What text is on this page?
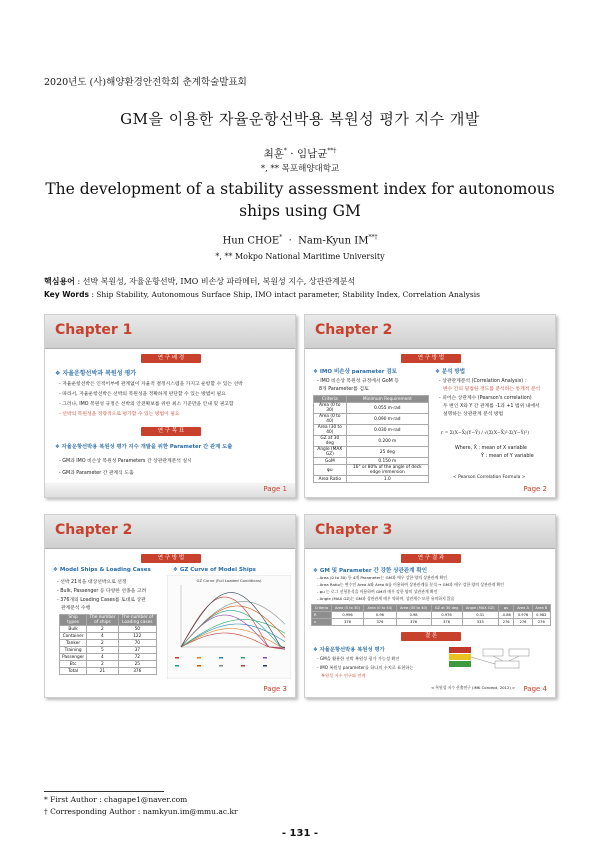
2020년도 (사)해양환경안전학회 춘계학술발표회
GM을 이용한 자율운항선박용 복원성 평가 지수 개발
최훈* · 임남균**†
*, ** 목포해양대학교
The development of a stability assessment index for autonomous ships using GM
Hun CHOE*  ·  Nam-Kyun IM**†
*, ** Mokpo National Maritime University
핵심용어 : 선박 복원성, 자율운항선박, IMO 비손상 파라메터, 복원성 지수, 상관관계분석
Key Words : Ship Stability, Autonomous Surface Ship, IMO intact parameter, Stability Index, Correlation Analysis
Chapter 1
연 구 배 경
❖ 자율운항선박과 복원성 평가
- 자율운항선박은 인적어부에 관계없이 자율적 결정시스템을 가지고 운항할 수 있는 선박
- 따라서, 자율운항선박은 선박의 복원성을 정확하게 판단할 수 있는 방법이 필요
- 그러나, IMO 복원성 규정은 선박의 안전확보를 위한 최소 기준만을 안내 및 권고함
- 선박의 복원성을 정량적으로 평가할 수 있는 방법이 필요
연 구 목 표
❖ 자율운항선박용 복원성 평가 지수 개발을 위한 Parameter 간 관계 도출
- GM과 IMO 비손상 복원성 Parameters 간 상관관계분석 실시
- GM과 Parameter 간 관계식 도출
Page 1
Chapter 2
연 구 방 법
❖ IMO 비손상 parameter 검토
- IMO 비손상 복원성 규정에서 GoM 등
8개 Parameter를 검토
Criteria	Minimum Requirement
Area (0 to 30)	0.055 m·rad
Area (0 to 40)	0.090 m·rad
Area (30 to 40)	0.030 m·rad
GZ at 30 deg	0.200 m
Angle (MAX GZ)	25 deg
GoM	0.150 m
φu	16° or 80% of the angle of deck edge immersion
Area Ratio	1.0
❖ 분석 방법
- 상관관계분석 (Correlation Analysis) :
변수 간의 밀접한 정도를 분석하는 통계적 분석
- 피어슨 상관계수 (Pearson's correlation)
두 변인 X와 Y 간 관계를 -1과 +1 범위 내에서
설명하는 상관관계 분석 방법
r = Σ(X−X̄)(Y−Ȳ) / √(Σ(X−X̄)²·Σ(Y−Ȳ)²)
Where, X̄ : mean of X variable
Ȳ : mean of Y variable
< Pearson Correlation Formula >
Page 2
Chapter 2
연 구 방 법
❖ Model Ships & Loading Cases
- 선박 21척을 대상선박으로 선정
- Bulk, Passenger 등 다양한 선종을 고려
- 376개의 Loading Cases를 토대로 상관
관계분석 수행
Ship types	The number of ships	The number of Loading cases
Bulk	2	50
Container	4	122
Tanker	2	70
Training	5	37
Passenger	4	72
Etc	2	25
Total	21	376
❖ GZ Curve of Model Ships
GZ Curve (Full Loaded Conditions)
Page 3
Chapter 3
연 구 결 과
❖ GM 및 Parameter 간 강한 상관관계 확인
- Area (0 to 30) 등 4개 Parameter는 GM과 매우 강한 양의 상관관계 확인
- Area Ratio는 변수인 Area A와 Area B를 이용하여 상관관계를 분석 → GM과 매우 강한 양의 상관관계 확인
- φu 는 로그 선형분석을 이용하여 GM과 매우 강한 양의 상관관계 확인
- Angle (MAX GZ)는 GM과 상관관계 매우 약하며, 상관계수 또한 유의하지 않음
Criteria	Area (0 to 30)	Area (0 to 40)	Area (30 to 40)	GZ at 30 deg	Angle (MAX GZ)	φu	Area A	Area B
R	0.996	0.96	0.98	0.976	0.31	-0.86	0.976	0.982
n	376	376	376	376	333	276	276	276
결 론
❖ 자율운항선박용 복원성 평가
- GM을 활용한 선박 복원성 평가 가능성 확인
- IMO 복원성 parameter를 하나의 수치로 표현하는
복원성 지수 연구와 연계
< 복원성 지수 산출연구 (IMK Concept, 2012) > Page 4
* First Author : chagape1@naver.com
† Corresponding Author : namkyun.im@mmu.ac.kr
- 131 -
